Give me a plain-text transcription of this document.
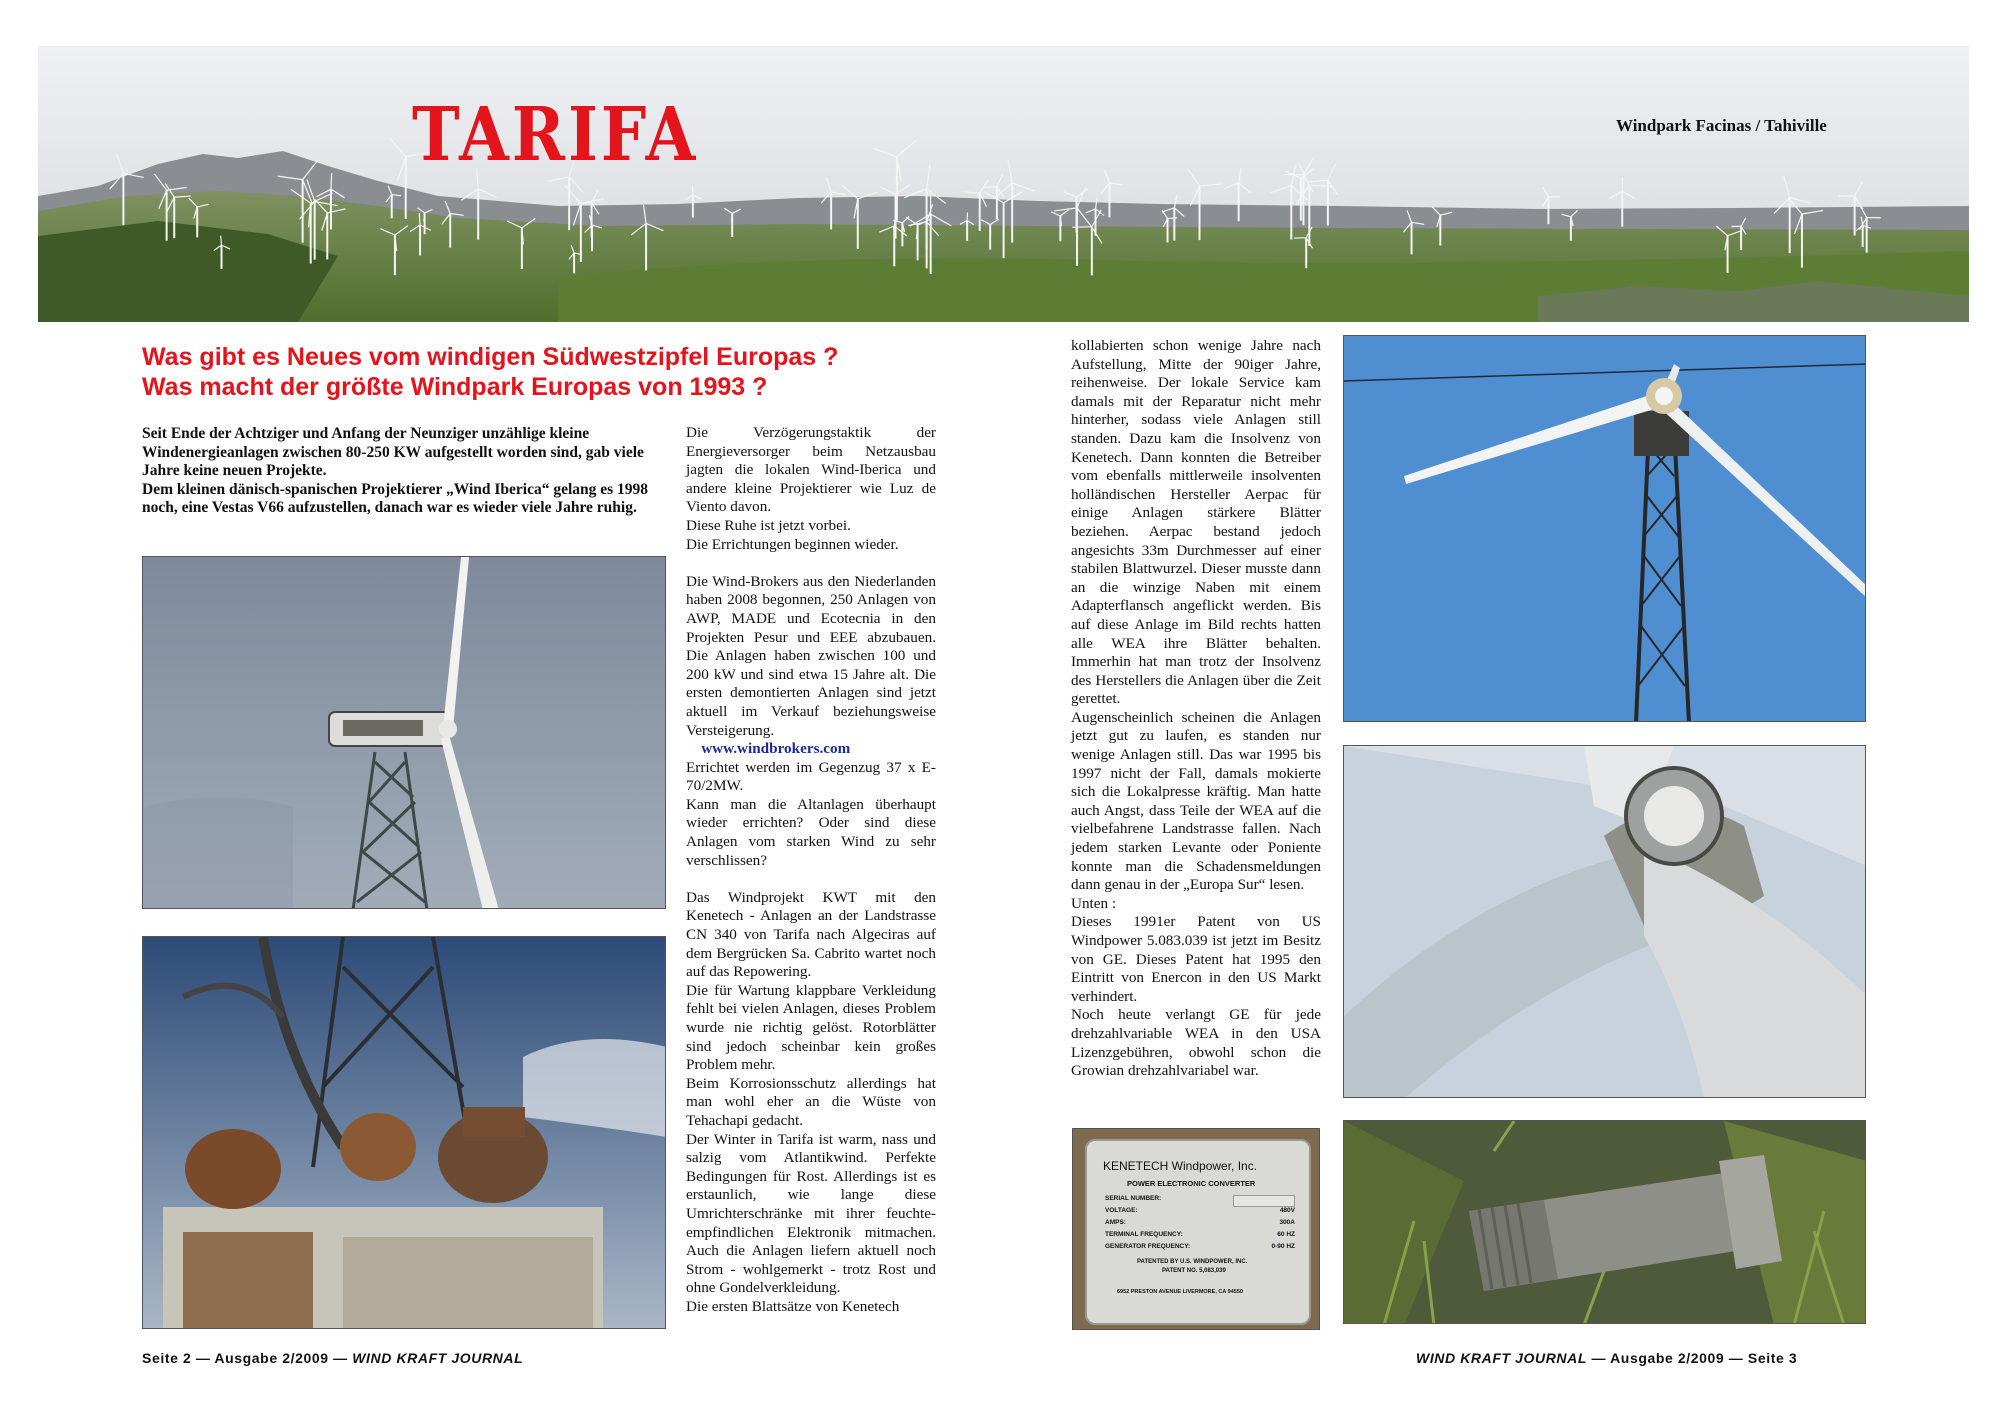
TARIFA	Windpark Facinas / Tahiville
Was gibt es Neues vom windigen Südwestzipfel Europas ?
Was macht der größte Windpark Europas von 1993 ?

Seit Ende der Achtziger und Anfang der Neunziger unzählige kleine Windenergieanlagen zwischen 80-250 KW aufgestellt worden sind, gab viele Jahre keine neuen Projekte.

Dem kleinen dänisch-spanischen Projektierer „Wind Iberica“ gelang es 1998 noch, eine Vestas V66 aufzustellen, danach war es wieder viele Jahre ruhig.

Die Verzögerungstaktik der Energieversorger beim Netzausbau jagten die lokalen Wind-Iberica und andere kleine Projektierer wie Luz de Viento davon.

Diese Ruhe ist jetzt vorbei.

Die Errichtungen beginnen wieder.

Die Wind-Brokers aus den Niederlanden haben 2008 begonnen, 250 Anlagen von AWP, MADE und Ecotecnia in den Projekten Pesur und EEE abzubauen. Die Anlagen haben zwischen 100 und 200 kW und sind etwa 15 Jahre alt. Die ersten demontierten Anlagen sind jetzt aktuell im Verkauf beziehungsweise Versteigerung.     www.windbrokers.com

Errichtet werden im Gegenzug 37 x E-70/2MW.

Kann man die Altanlagen überhaupt wieder errichten? Oder sind diese Anlagen vom starken Wind zu sehr verschlissen?

Das Windprojekt KWT mit den Kenetech - Anlagen an der Landstrasse CN 340 von Tarifa nach Algeciras auf dem Bergrücken Sa. Cabrito wartet noch auf das Repowering.

Die für Wartung klappbare Verkleidung fehlt bei vielen Anlagen, dieses Problem wurde nie richtig gelöst. Rotorblätter sind jedoch scheinbar kein großes Problem mehr.

Beim Korrosionsschutz allerdings hat man wohl eher an die Wüste von Tehachapi gedacht.

Der Winter in Tarifa ist warm, nass und salzig vom Atlantikwind. Perfekte Bedingungen für Rost. Allerdings ist es erstaunlich, wie lange diese Umrichterschränke mit ihrer feuchte-empfindlichen Elektronik mitmachen. Auch die Anlagen liefern aktuell noch Strom - wohlgemerkt - trotz Rost und ohne Gondelverkleidung.

Die ersten Blattsätze von Kenetech

kollabierten schon wenige Jahre nach Aufstellung, Mitte der 90iger Jahre, reihenweise. Der lokale Service kam damals mit der Reparatur nicht mehr hinterher, sodass viele Anlagen still standen. Dazu kam die Insolvenz von Kenetech. Dann konnten die Betreiber vom ebenfalls mittlerweile insolventen holländischen Hersteller Aerpac für einige Anlagen stärkere Blätter beziehen. Aerpac bestand jedoch angesichts 33m Durchmesser auf einer stabilen Blattwurzel. Dieser musste dann an die winzige Naben mit einem Adapterflansch angeflickt werden. Bis auf diese Anlage im Bild rechts hatten alle WEA ihre Blätter behalten. Immerhin hat man trotz der Insolvenz des Herstellers die Anlagen über die Zeit gerettet.

Augenscheinlich scheinen die Anlagen jetzt gut zu laufen, es standen nur wenige Anlagen still. Das war 1995 bis 1997 nicht der Fall, damals mokierte sich die Lokalpresse kräftig. Man hatte auch Angst, dass Teile der WEA auf die vielbefahrene Landstrasse fallen. Nach jedem starken Levante oder Poniente konnte man die Schadensmeldungen dann genau in der „Europa Sur“ lesen.

Unten :

Dieses 1991er Patent von US Windpower 5.083.039 ist jetzt im Besitz von GE. Dieses Patent hat 1995 den Eintritt von Enercon in den US Markt verhindert.

Noch heute verlangt GE für jede drehzahlvariable WEA in den USA Lizenzgebühren, obwohl schon die Growian drehzahlvariabel war.

KENETECH Windpower, Inc.
POWER ELECTRONIC CONVERTER
SERIAL NUMBER:
VOLTAGE:	480V
AMPS:	300A
TERMINAL FREQUENCY:	60 HZ
GENERATOR FREQUENCY:	0-90 HZ
PATENTED BY U.S. WINDPOWER, INC.
PATENT NO. 5,083,039
6952 PRESTON AVENUE LIVERMORE, CA 94550
Seite 2 — Ausgabe 2/2009 — WIND KRAFT JOURNAL	WIND KRAFT JOURNAL — Ausgabe 2/2009 — Seite 3
